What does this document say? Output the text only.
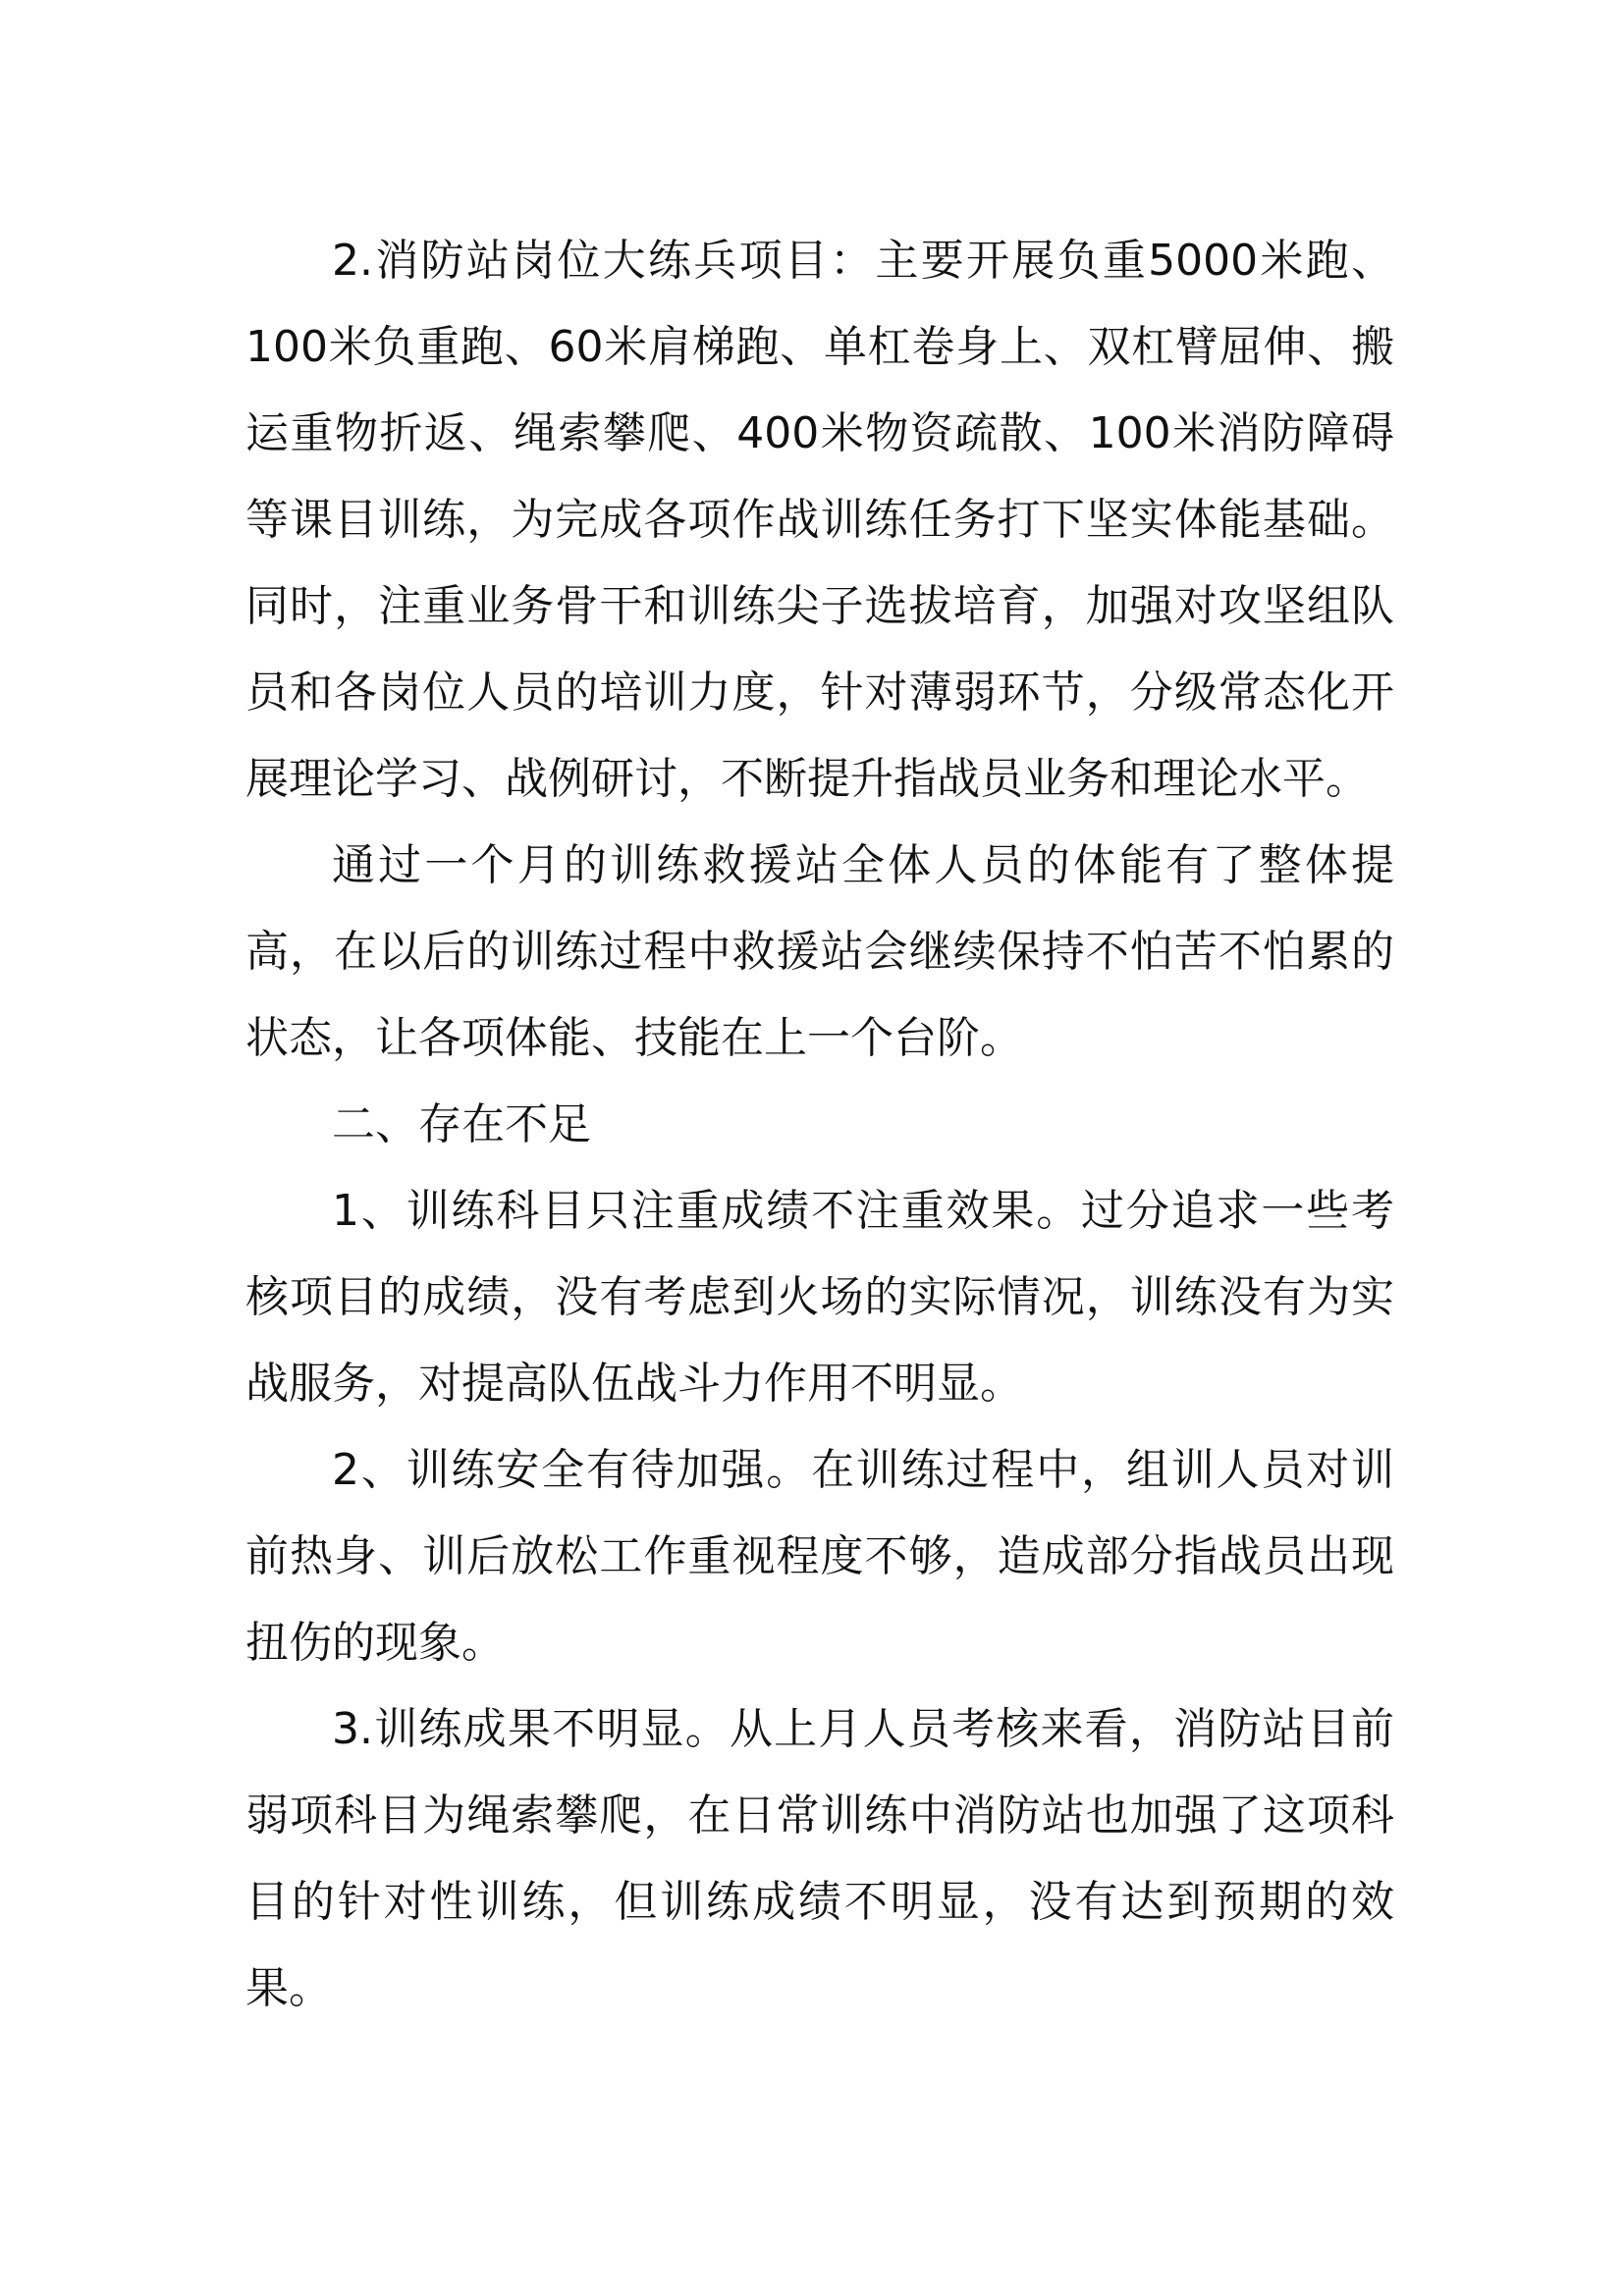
2.消防站岗位大练兵项目：主要开展负重5000米跑、100米负重跑、60米肩梯跑、单杠卷身上、双杠臂屈伸、搬运重物折返、绳索攀爬、400米物资疏散、100米消防障碍等课目训练，为完成各项作战训练任务打下坚实体能基础。同时，注重业务骨干和训练尖子选拔培育，加强对攻坚组队员和各岗位人员的培训力度，针对薄弱环节，分级常态化开展理论学习、战例研讨，不断提升指战员业务和理论水平。

通过一个月的训练救援站全体人员的体能有了整体提高，在以后的训练过程中救援站会继续保持不怕苦不怕累的状态，让各项体能、技能在上一个台阶。

二、存在不足

1、训练科目只注重成绩不注重效果。过分追求一些考核项目的成绩，没有考虑到火场的实际情况，训练没有为实战服务，对提高队伍战斗力作用不明显。

2、训练安全有待加强。在训练过程中，组训人员对训前热身、训后放松工作重视程度不够，造成部分指战员出现扭伤的现象。

3.训练成果不明显。从上月人员考核来看，消防站目前弱项科目为绳索攀爬，在日常训练中消防站也加强了这项科目的针对性训练，但训练成绩不明显，没有达到预期的效果。
